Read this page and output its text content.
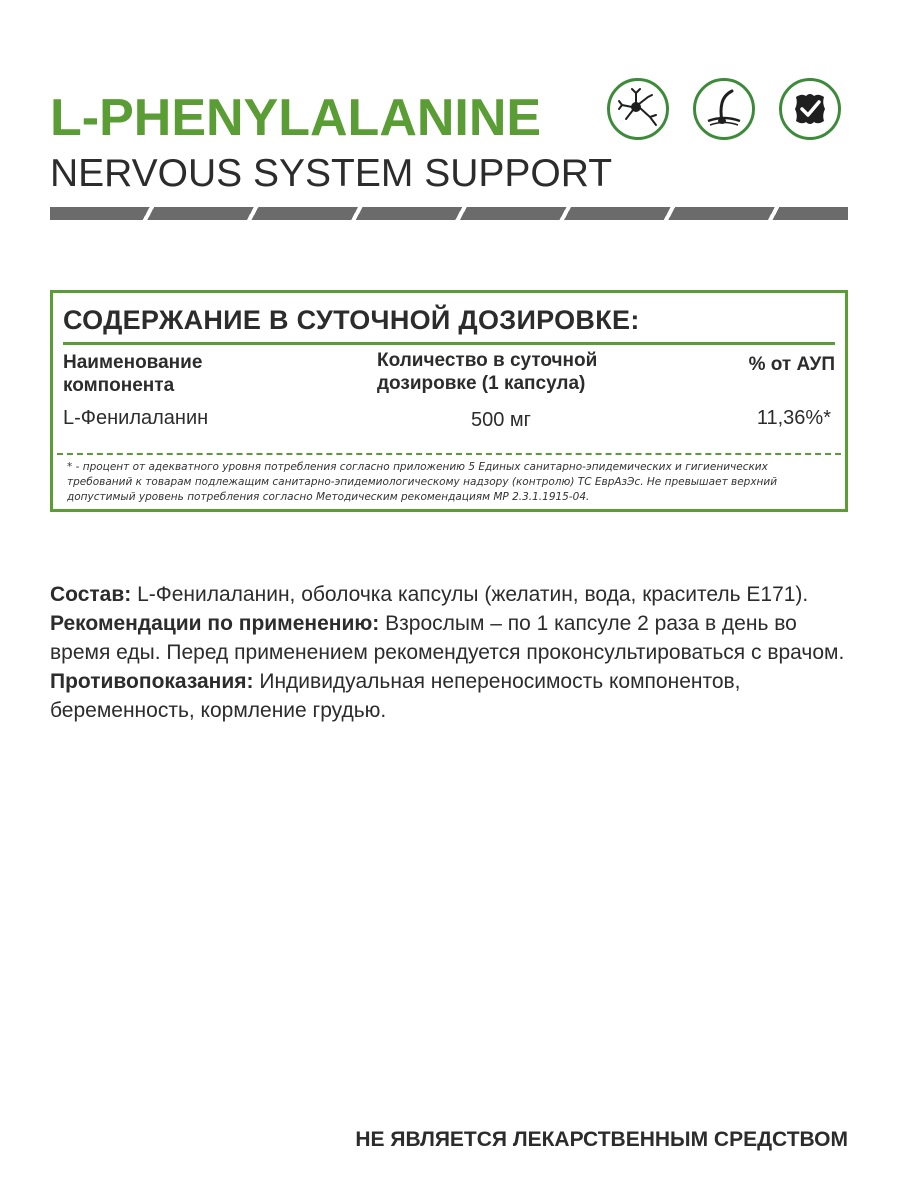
L-PHENYLALANINE
NERVOUS SYSTEM SUPPORT
СОДЕРЖАНИЕ В СУТОЧНОЙ ДОЗИРОВКЕ:
Наименование
компонента
Количество в суточной
дозировке (1 капсула)
% от АУП
L-Фенилаланин	500 мг	11,36%*
* - процент от адекватного уровня потребления согласно приложению 5 Единых санитарно-эпидемических и гигиенических требований к товарам подлежащим санитарно-эпидемиологическому надзору (контролю) ТС ЕврАзЭс. Не превышает верхний допустимый уровень потребления согласно Методическим рекомендациям МР 2.3.1.1915-04.

Состав: L-Фенилаланин, оболочка капсулы (желатин, вода, краситель Е171).

Рекомендации по применению: Взрослым – по 1 капсуле 2 раза в день во время еды. Перед применением рекомендуется проконсультироваться с врачом.

Противопоказания: Индивидуальная непереносимость компонентов, беременность, кормление грудью.

НЕ ЯВЛЯЕТСЯ ЛЕКАРСТВЕННЫМ СРЕДСТВОМ
